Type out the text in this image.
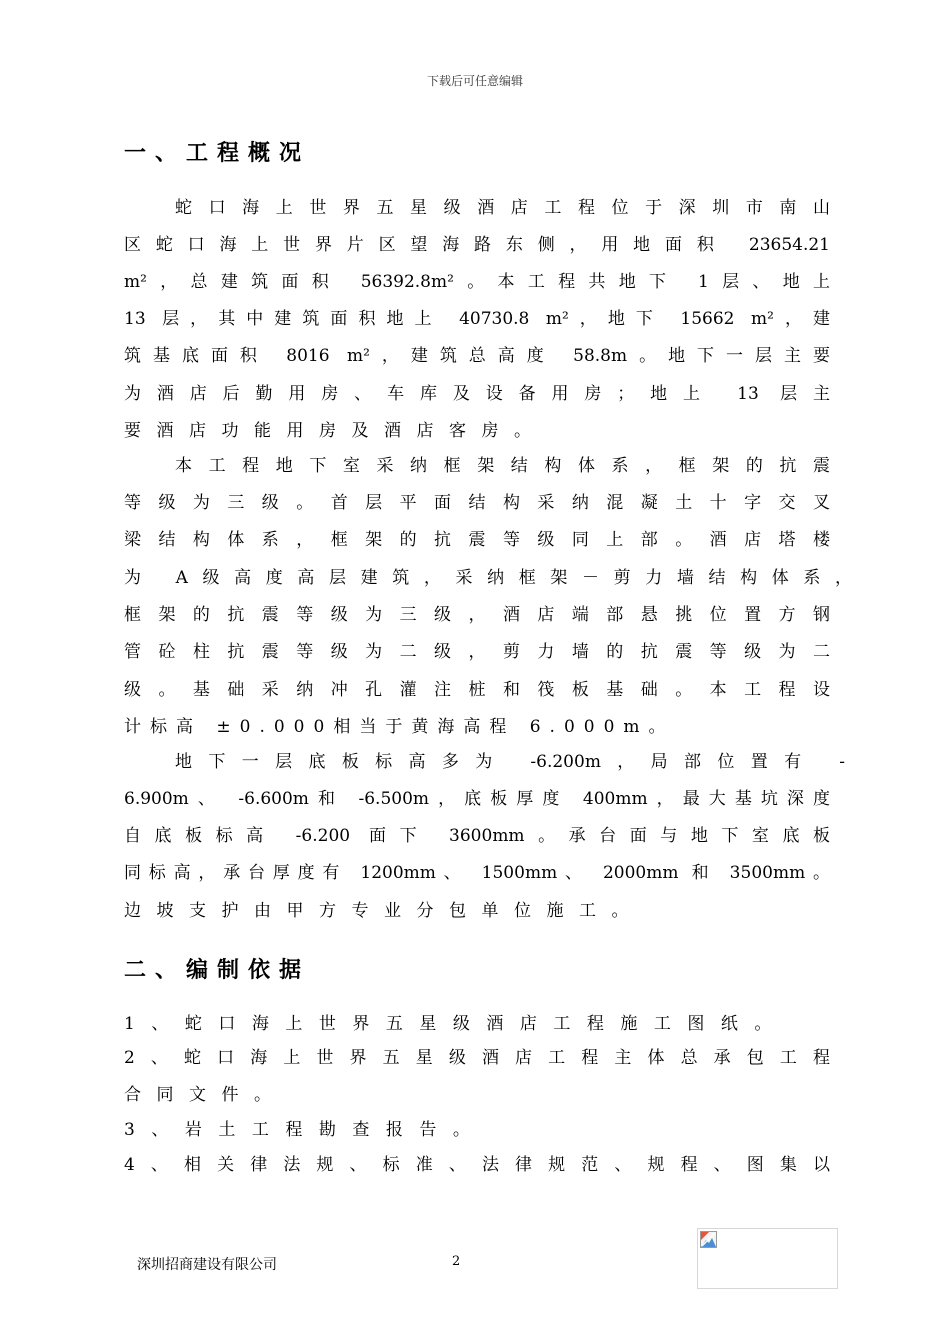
下载后可任意编辑
一、工程概况
蛇口海上世界五星级酒店工程位于深圳市南山
区蛇口海上世界片区望海路东侧，用地面积 23654.21
m²，总建筑面积 56392.8m²。本工程共地下 1层、地上
13 层，其中建筑面积地上 40730.8 m²，地下 15662 m²，建
筑基底面积 8016 m²，建筑总高度 58.8m。地下一层主要
为酒店后勤用房、车库及设备用房；地上 13 层主
要酒店功能用房及酒店客房。
本工程地下室采纳框架结构体系，框架的抗震
等级为三级。首层平面结构采纳混凝土十字交叉
梁结构体系，框架的抗震等级同上部。酒店塔楼
为 A级高度高层建筑，采纳框架－剪力墙结构体系，
框架的抗震等级为三级，酒店端部悬挑位置方钢
管砼柱抗震等级为二级，剪力墙的抗震等级为二
级。基础采纳冲孔灌注桩和筏板基础。本工程设
计标高 ±0.000相当于黄海高程 6.000m。
地下一层底板标高多为 -6.200m，局部位置有 -
6.900m、 -6.600m和 -6.500m，底板厚度 400mm，最大基坑深度
自底板标高 -6.200 面下 3600mm。承台面与地下室底板
同标高，承台厚度有 1200mm、 1500mm、 2000mm 和 3500mm。
边坡支护由甲方专业分包单位施工。
二、编制依据
1、蛇口海上世界五星级酒店工程施工图纸。
2、蛇口海上世界五星级酒店工程主体总承包工程
合同文件。
3、岩土工程勘查报告。
4、相关律法规、标准、法律规范、规程、图集以
深圳招商建设有限公司	2
